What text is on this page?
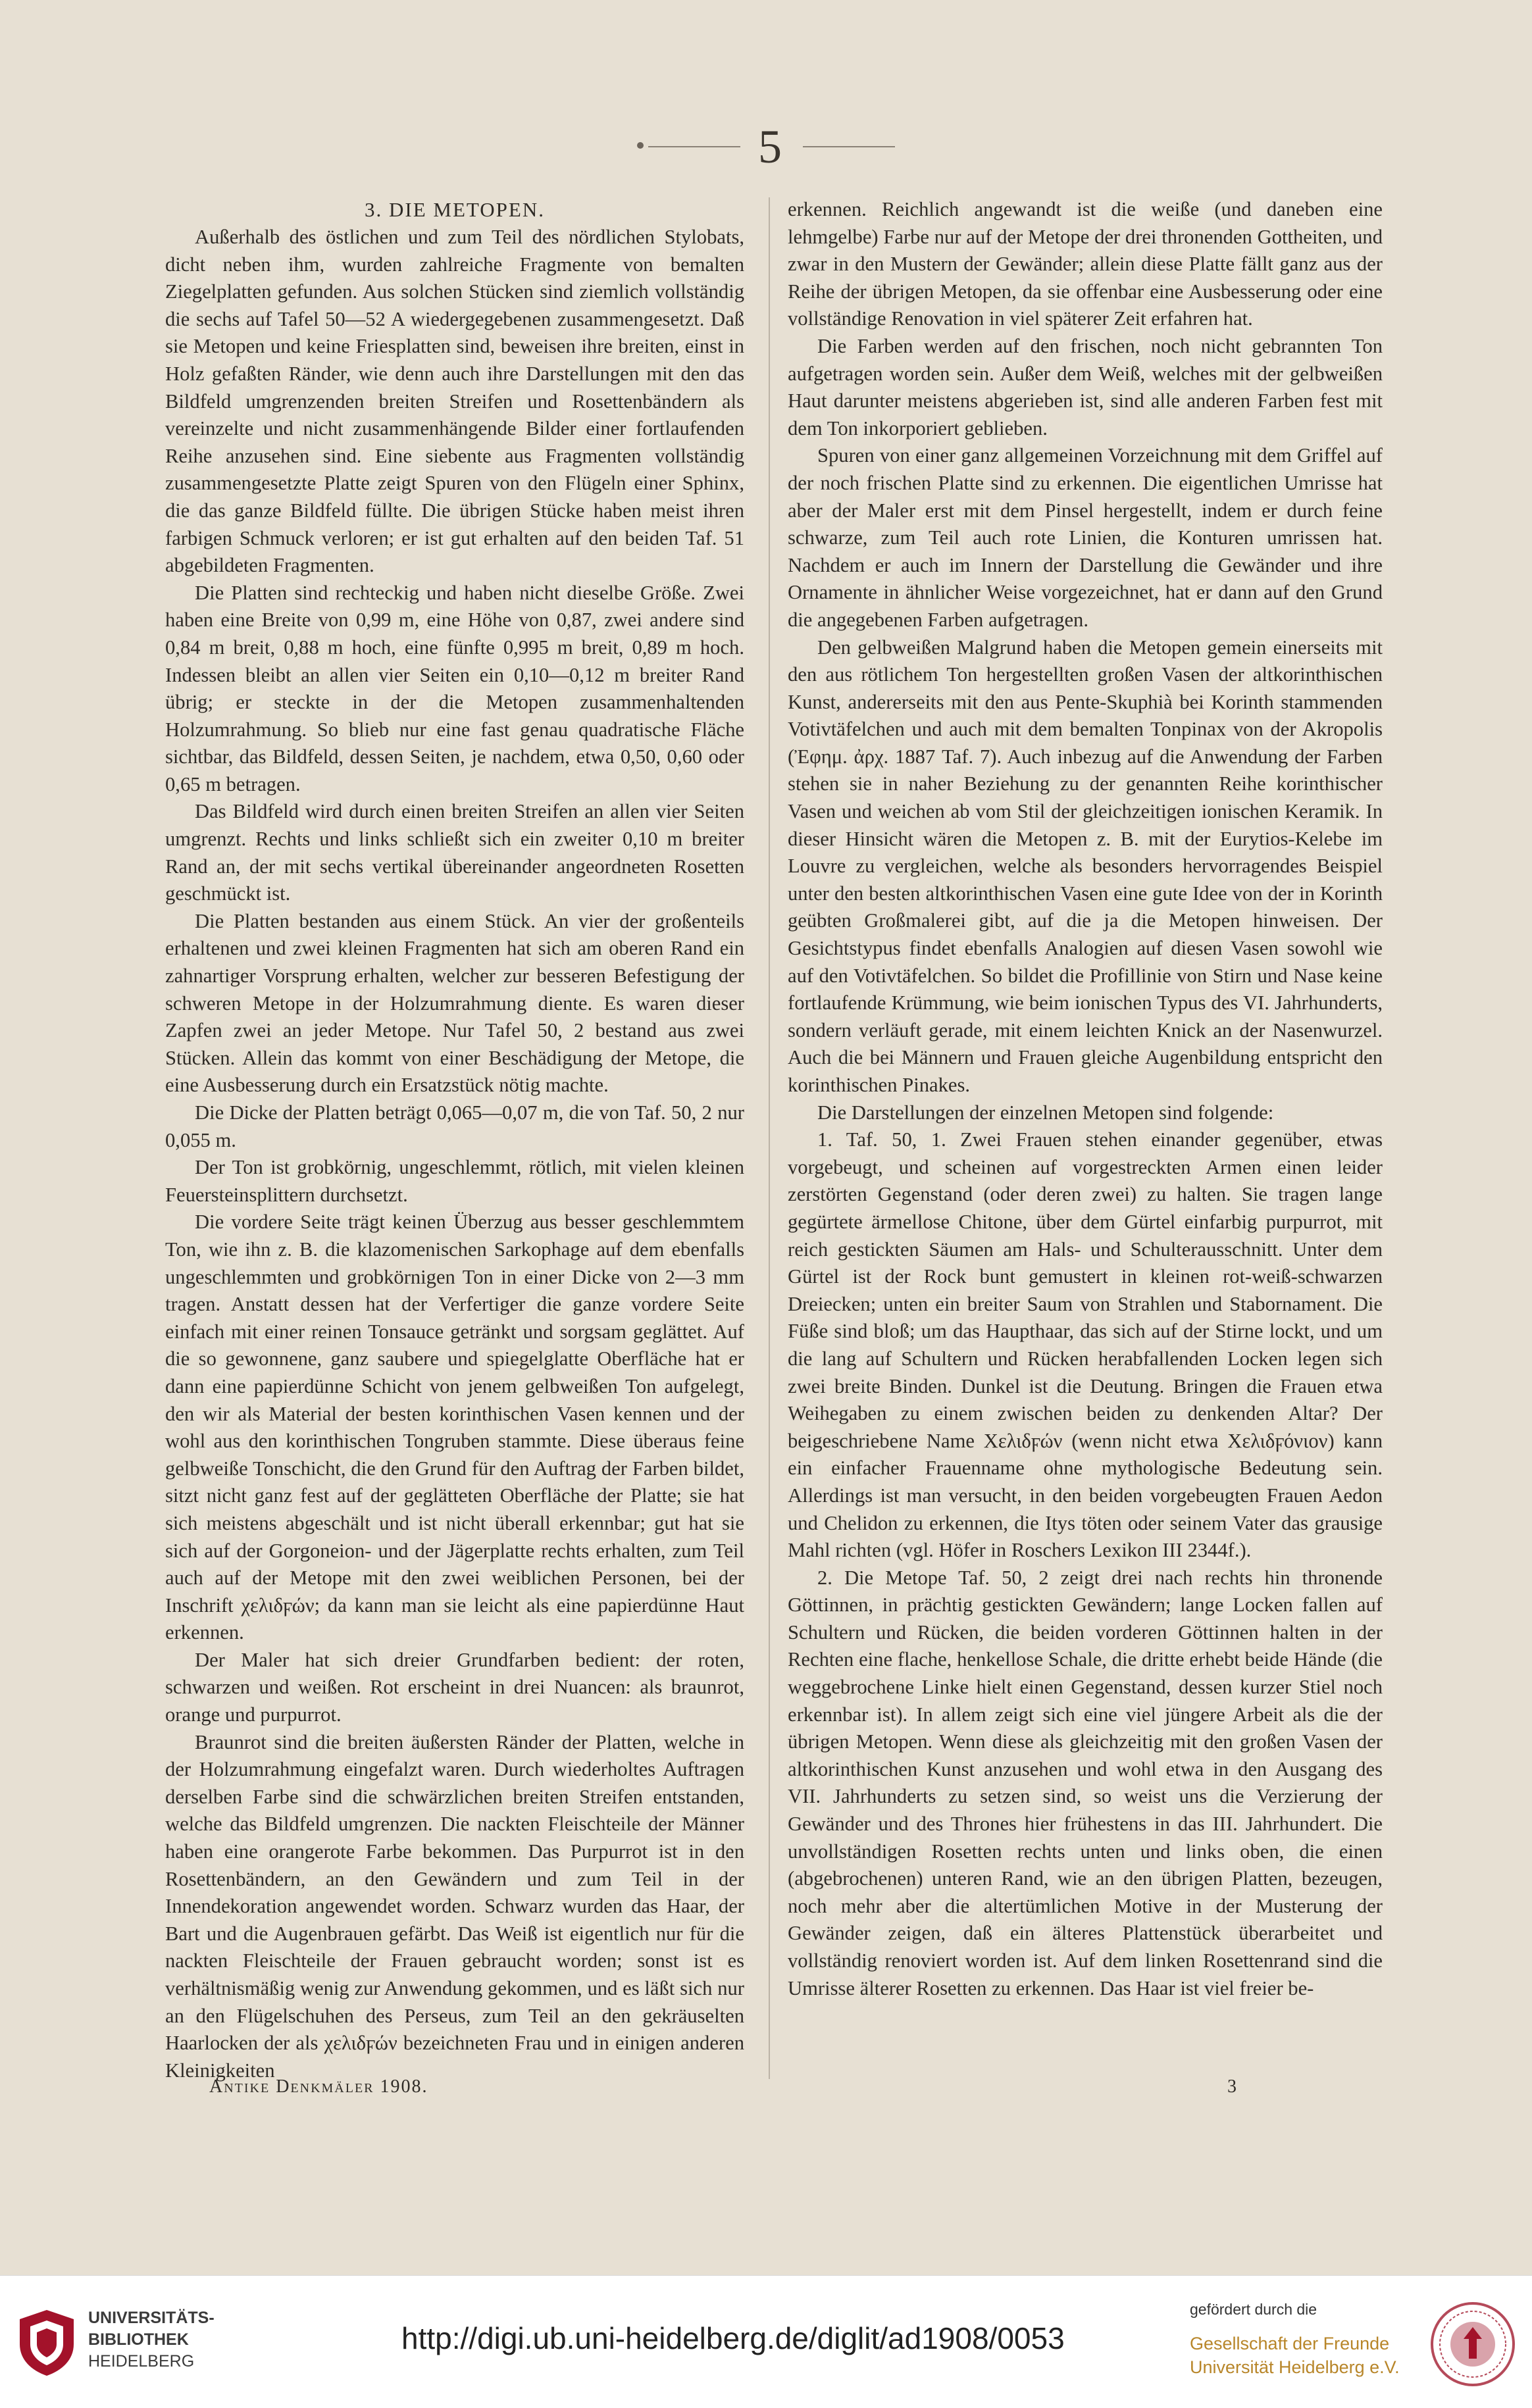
5
3. DIE METOPEN.

Außerhalb des östlichen und zum Teil des nördlichen Stylobats, dicht neben ihm, wurden zahlreiche Fragmente von bemalten Ziegelplatten gefunden. Aus solchen Stücken sind ziemlich vollständig die sechs auf Tafel 50—52 A wiedergegebenen zusammengesetzt. Daß sie Metopen und keine Friesplatten sind, beweisen ihre breiten, einst in Holz gefaßten Ränder, wie denn auch ihre Darstellungen mit den das Bildfeld umgrenzenden breiten Streifen und Rosettenbändern als vereinzelte und nicht zusammenhängende Bilder einer fortlaufenden Reihe anzusehen sind. Eine siebente aus Fragmenten vollständig zusammengesetzte Platte zeigt Spuren von den Flügeln einer Sphinx, die das ganze Bildfeld füllte. Die übrigen Stücke haben meist ihren farbigen Schmuck verloren; er ist gut erhalten auf den beiden Taf. 51 abgebildeten Fragmenten.

Die Platten sind rechteckig und haben nicht dieselbe Größe. Zwei haben eine Breite von 0,99 m, eine Höhe von 0,87, zwei andere sind 0,84 m breit, 0,88 m hoch, eine fünfte 0,995 m breit, 0,89 m hoch. Indessen bleibt an allen vier Seiten ein 0,10—0,12 m breiter Rand übrig; er steckte in der die Metopen zusammenhaltenden Holzumrahmung. So blieb nur eine fast genau quadratische Fläche sichtbar, das Bildfeld, dessen Seiten, je nachdem, etwa 0,50, 0,60 oder 0,65 m betragen.

Das Bildfeld wird durch einen breiten Streifen an allen vier Seiten umgrenzt. Rechts und links schließt sich ein zweiter 0,10 m breiter Rand an, der mit sechs vertikal übereinander angeordneten Rosetten geschmückt ist.

Die Platten bestanden aus einem Stück. An vier der großenteils erhaltenen und zwei kleinen Fragmenten hat sich am oberen Rand ein zahnartiger Vorsprung erhalten, welcher zur besseren Befestigung der schweren Metope in der Holzumrahmung diente. Es waren dieser Zapfen zwei an jeder Metope. Nur Tafel 50, 2 bestand aus zwei Stücken. Allein das kommt von einer Beschädigung der Metope, die eine Ausbesserung durch ein Ersatzstück nötig machte.

Die Dicke der Platten beträgt 0,065—0,07 m, die von Taf. 50, 2 nur 0,055 m.

Der Ton ist grobkörnig, ungeschlemmt, rötlich, mit vielen kleinen Feuersteinsplittern durchsetzt.

Die vordere Seite trägt keinen Überzug aus besser geschlemmtem Ton, wie ihn z. B. die klazomenischen Sarkophage auf dem ebenfalls ungeschlemmten und grobkörnigen Ton in einer Dicke von 2—3 mm tragen. Anstatt dessen hat der Verfertiger die ganze vordere Seite einfach mit einer reinen Tonsauce getränkt und sorgsam geglättet. Auf die so gewonnene, ganz saubere und spiegelglatte Oberfläche hat er dann eine papierdünne Schicht von jenem gelbweißen Ton aufgelegt, den wir als Material der besten korinthischen Vasen kennen und der wohl aus den korinthischen Tongruben stammte. Diese überaus feine gelbweiße Tonschicht, die den Grund für den Auftrag der Farben bildet, sitzt nicht ganz fest auf der geglätteten Oberfläche der Platte; sie hat sich meistens abgeschält und ist nicht überall erkennbar; gut hat sie sich auf der Gorgoneion- und der Jägerplatte rechts erhalten, zum Teil auch auf der Metope mit den zwei weiblichen Personen, bei der Inschrift χελιδϝών; da kann man sie leicht als eine papierdünne Haut erkennen.

Der Maler hat sich dreier Grundfarben bedient: der roten, schwarzen und weißen. Rot erscheint in drei Nuancen: als braunrot, orange und purpurrot.

Braunrot sind die breiten äußersten Ränder der Platten, welche in der Holzumrahmung eingefalzt waren. Durch wiederholtes Auftragen derselben Farbe sind die schwärzlichen breiten Streifen entstanden, welche das Bildfeld umgrenzen. Die nackten Fleischteile der Männer haben eine orangerote Farbe bekommen. Das Purpurrot ist in den Rosettenbändern, an den Gewändern und zum Teil in der Innendekoration angewendet worden. Schwarz wurden das Haar, der Bart und die Augenbrauen gefärbt. Das Weiß ist eigentlich nur für die nackten Fleischteile der Frauen gebraucht worden; sonst ist es verhältnismäßig wenig zur Anwendung gekommen, und es läßt sich nur an den Flügelschuhen des Perseus, zum Teil an den gekräuselten Haarlocken der als χελιδϝών bezeichneten Frau und in einigen anderen Kleinigkeiten

erkennen. Reichlich angewandt ist die weiße (und daneben eine lehmgelbe) Farbe nur auf der Metope der drei thronenden Gottheiten, und zwar in den Mustern der Gewänder; allein diese Platte fällt ganz aus der Reihe der übrigen Metopen, da sie offenbar eine Ausbesserung oder eine vollständige Renovation in viel späterer Zeit erfahren hat.

Die Farben werden auf den frischen, noch nicht gebrannten Ton aufgetragen worden sein. Außer dem Weiß, welches mit der gelbweißen Haut darunter meistens abgerieben ist, sind alle anderen Farben fest mit dem Ton inkorporiert geblieben.

Spuren von einer ganz allgemeinen Vorzeichnung mit dem Griffel auf der noch frischen Platte sind zu erkennen. Die eigentlichen Umrisse hat aber der Maler erst mit dem Pinsel hergestellt, indem er durch feine schwarze, zum Teil auch rote Linien, die Konturen umrissen hat. Nachdem er auch im Innern der Darstellung die Gewänder und ihre Ornamente in ähnlicher Weise vorgezeichnet, hat er dann auf den Grund die angegebenen Farben aufgetragen.

Den gelbweißen Malgrund haben die Metopen gemein einerseits mit den aus rötlichem Ton hergestellten großen Vasen der altkorinthischen Kunst, andererseits mit den aus Pente-Skuphià bei Korinth stammenden Votivtäfelchen und auch mit dem bemalten Tonpinax von der Akropolis (Ἐφημ. ἀρχ. 1887 Taf. 7). Auch inbezug auf die Anwendung der Farben stehen sie in naher Beziehung zu der genannten Reihe korinthischer Vasen und weichen ab vom Stil der gleichzeitigen ionischen Keramik. In dieser Hinsicht wären die Metopen z. B. mit der Eurytios-Kelebe im Louvre zu vergleichen, welche als besonders hervorragendes Beispiel unter den besten altkorinthischen Vasen eine gute Idee von der in Korinth geübten Großmalerei gibt, auf die ja die Metopen hinweisen. Der Gesichtstypus findet ebenfalls Analogien auf diesen Vasen sowohl wie auf den Votivtäfelchen. So bildet die Profillinie von Stirn und Nase keine fortlaufende Krümmung, wie beim ionischen Typus des VI. Jahrhunderts, sondern verläuft gerade, mit einem leichten Knick an der Nasenwurzel. Auch die bei Männern und Frauen gleiche Augenbildung entspricht den korinthischen Pinakes.

Die Darstellungen der einzelnen Metopen sind folgende:

1. Taf. 50, 1. Zwei Frauen stehen einander gegenüber, etwas vorgebeugt, und scheinen auf vorgestreckten Armen einen leider zerstörten Gegenstand (oder deren zwei) zu halten. Sie tragen lange gegürtete ärmellose Chitone, über dem Gürtel einfarbig purpurrot, mit reich gestickten Säumen am Hals- und Schulterausschnitt. Unter dem Gürtel ist der Rock bunt gemustert in kleinen rot-weiß-schwarzen Dreiecken; unten ein breiter Saum von Strahlen und Stabornament. Die Füße sind bloß; um das Haupthaar, das sich auf der Stirne lockt, und um die lang auf Schultern und Rücken herabfallenden Locken legen sich zwei breite Binden. Dunkel ist die Deutung. Bringen die Frauen etwa Weihegaben zu einem zwischen beiden zu denkenden Altar? Der beigeschriebene Name Χελιδϝών (wenn nicht etwa Χελιδϝόνιον) kann ein einfacher Frauenname ohne mythologische Bedeutung sein. Allerdings ist man versucht, in den beiden vorgebeugten Frauen Aedon und Chelidon zu erkennen, die Itys töten oder seinem Vater das grausige Mahl richten (vgl. Höfer in Roschers Lexikon III 2344f.).

2. Die Metope Taf. 50, 2 zeigt drei nach rechts hin thronende Göttinnen, in prächtig gestickten Gewändern; lange Locken fallen auf Schultern und Rücken, die beiden vorderen Göttinnen halten in der Rechten eine flache, henkellose Schale, die dritte erhebt beide Hände (die weggebrochene Linke hielt einen Gegenstand, dessen kurzer Stiel noch erkennbar ist). In allem zeigt sich eine viel jüngere Arbeit als die der übrigen Metopen. Wenn diese als gleichzeitig mit den großen Vasen der altkorinthischen Kunst anzusehen und wohl etwa in den Ausgang des VII. Jahrhunderts zu setzen sind, so weist uns die Verzierung der Gewänder und des Thrones hier frühestens in das III. Jahrhundert. Die unvollständigen Rosetten rechts unten und links oben, die einen (abgebrochenen) unteren Rand, wie an den übrigen Platten, bezeugen, noch mehr aber die altertümlichen Motive in der Musterung der Gewänder zeigen, daß ein älteres Plattenstück überarbeitet und vollständig renoviert worden ist. Auf dem linken Rosettenrand sind die Umrisse älterer Rosetten zu erkennen. Das Haar ist viel freier be-

Antike Denkmäler 1908.	3
UNIVERSITÄTS-
BIBLIOTHEK
HEIDELBERG
http://digi.ub.uni-heidelberg.de/diglit/ad1908/0053
gefördert durch die
Gesellschaft der Freunde
Universität Heidelberg e.V.
